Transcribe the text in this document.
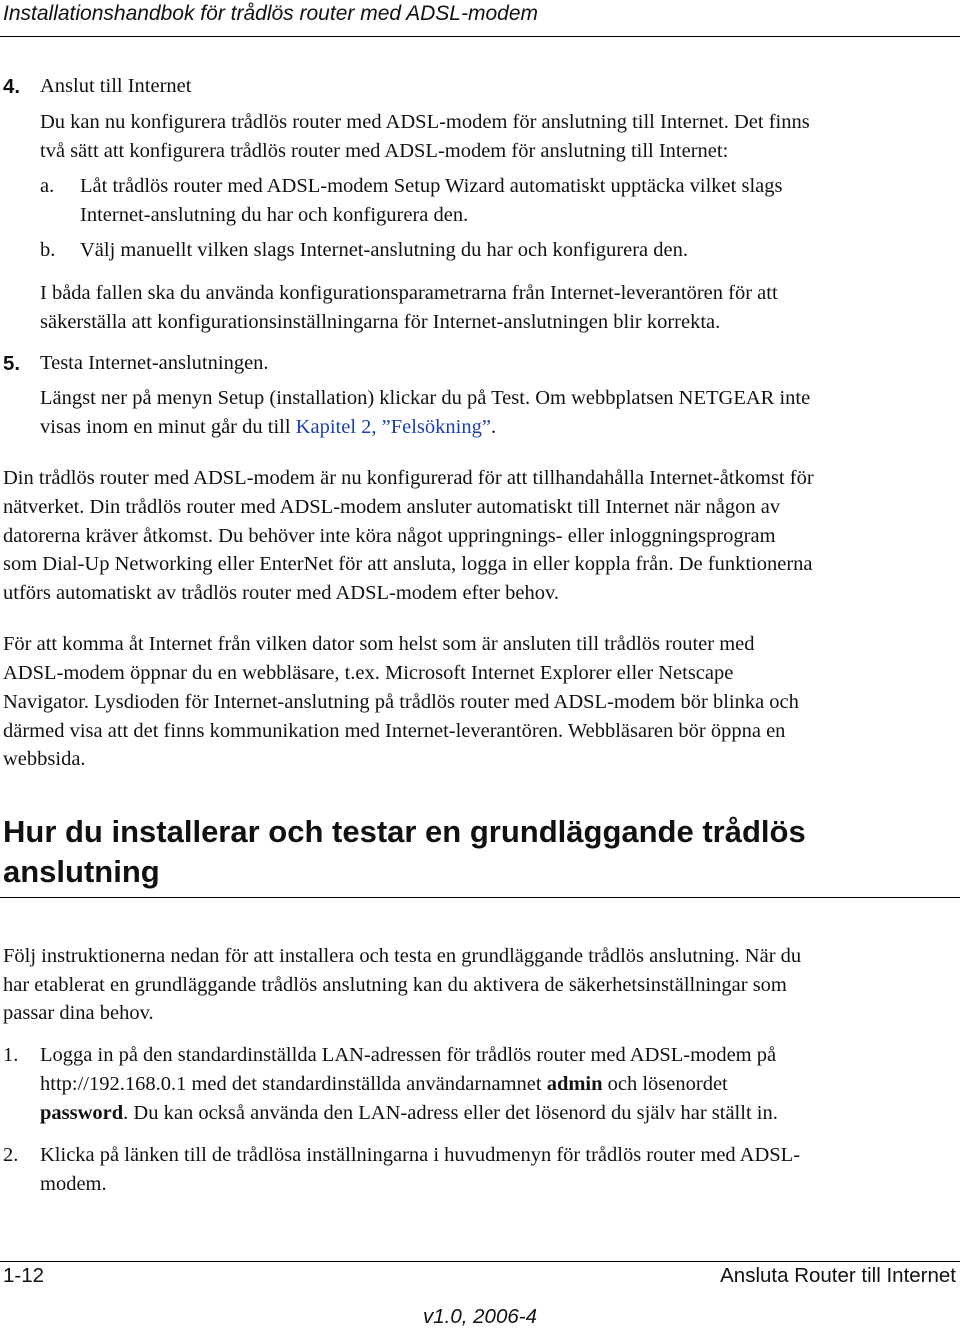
Installationshandbok för trådlös router med ADSL-modem
4. Anslut till Internet
Du kan nu konfigurera trådlös router med ADSL-modem för anslutning till Internet. Det finns
två sätt att konfigurera trådlös router med ADSL-modem för anslutning till Internet:
a. Låt trådlös router med ADSL-modem Setup Wizard automatiskt upptäcka vilket slags
Internet-anslutning du har och konfigurera den.
b. Välj manuellt vilken slags Internet-anslutning du har och konfigurera den.
I båda fallen ska du använda konfigurationsparametrarna från Internet-leverantören för att
säkerställa att konfigurationsinställningarna för Internet-anslutningen blir korrekta.
5. Testa Internet-anslutningen.
Längst ner på menyn Setup (installation) klickar du på Test. Om webbplatsen NETGEAR inte
visas inom en minut går du till Kapitel 2, ”Felsökning”.
Din trådlös router med ADSL-modem är nu konfigurerad för att tillhandahålla Internet-åtkomst för
nätverket. Din trådlös router med ADSL-modem ansluter automatiskt till Internet när någon av
datorerna kräver åtkomst. Du behöver inte köra något uppringnings- eller inloggningsprogram
som Dial-Up Networking eller EnterNet för att ansluta, logga in eller koppla från. De funktionerna
utförs automatiskt av trådlös router med ADSL-modem efter behov.
För att komma åt Internet från vilken dator som helst som är ansluten till trådlös router med
ADSL-modem öppnar du en webbläsare, t.ex. Microsoft Internet Explorer eller Netscape
Navigator. Lysdioden för Internet-anslutning på trådlös router med ADSL-modem bör blinka och
därmed visa att det finns kommunikation med Internet-leverantören. Webbläsaren bör öppna en
webbsida.
Hur du installerar och testar en grundläggande trådlös
anslutning
Följ instruktionerna nedan för att installera och testa en grundläggande trådlös anslutning. När du
har etablerat en grundläggande trådlös anslutning kan du aktivera de säkerhetsinställningar som
passar dina behov.
1. Logga in på den standardinställda LAN-adressen för trådlös router med ADSL-modem på
http://192.168.0.1 med det standardinställda användarnamnet admin och lösenordet
password. Du kan också använda den LAN-adress eller det lösenord du själv har ställt in.
2. Klicka på länken till de trådlösa inställningarna i huvudmenyn för trådlös router med ADSL-
modem.
1-12	Ansluta Router till Internet
v1.0, 2006-4
